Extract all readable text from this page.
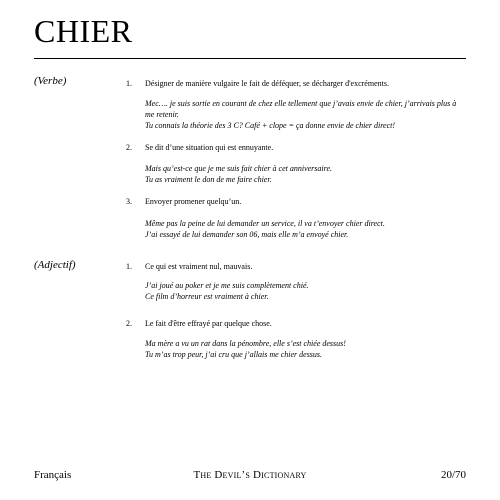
CHIER
(Verbe)	1. Désigner de manière vulgaire le fait de déféquer, se décharger d'excréments.
Mec…. je suis sortie en courant de chez elle tellement que j’avais envie de chier, j’arrivais plus à me retenir.
Tu connais la théorie des 3 C? Café + clope = ça donne envie de chier direct!
2. Se dit d’une situation qui est ennuyante.
Mais qu’est-ce que je me suis fait chier à cet anniversaire.
Tu as vraiment le don de me faire chier.
3. Envoyer promener quelqu’un.
Même pas la peine de lui demander un service, il va t’envoyer chier direct.
J’ai essayé de lui demander son 06, mais elle m’a envoyé chier.
(Adjectif)	1. Ce qui est vraiment nul, mauvais.
J’ai joué au poker et je me suis complètement chié.
Ce film d’horreur est vraiment à chier.
2. Le fait d'être effrayé par quelque chose.
Ma mère a vu un rat dans la pénombre, elle s’est chiée dessus!
Tu m’as trop peur, j’ai cru que j’allais me chier dessus.
Français	The Devil’s Dictionary	20/70
